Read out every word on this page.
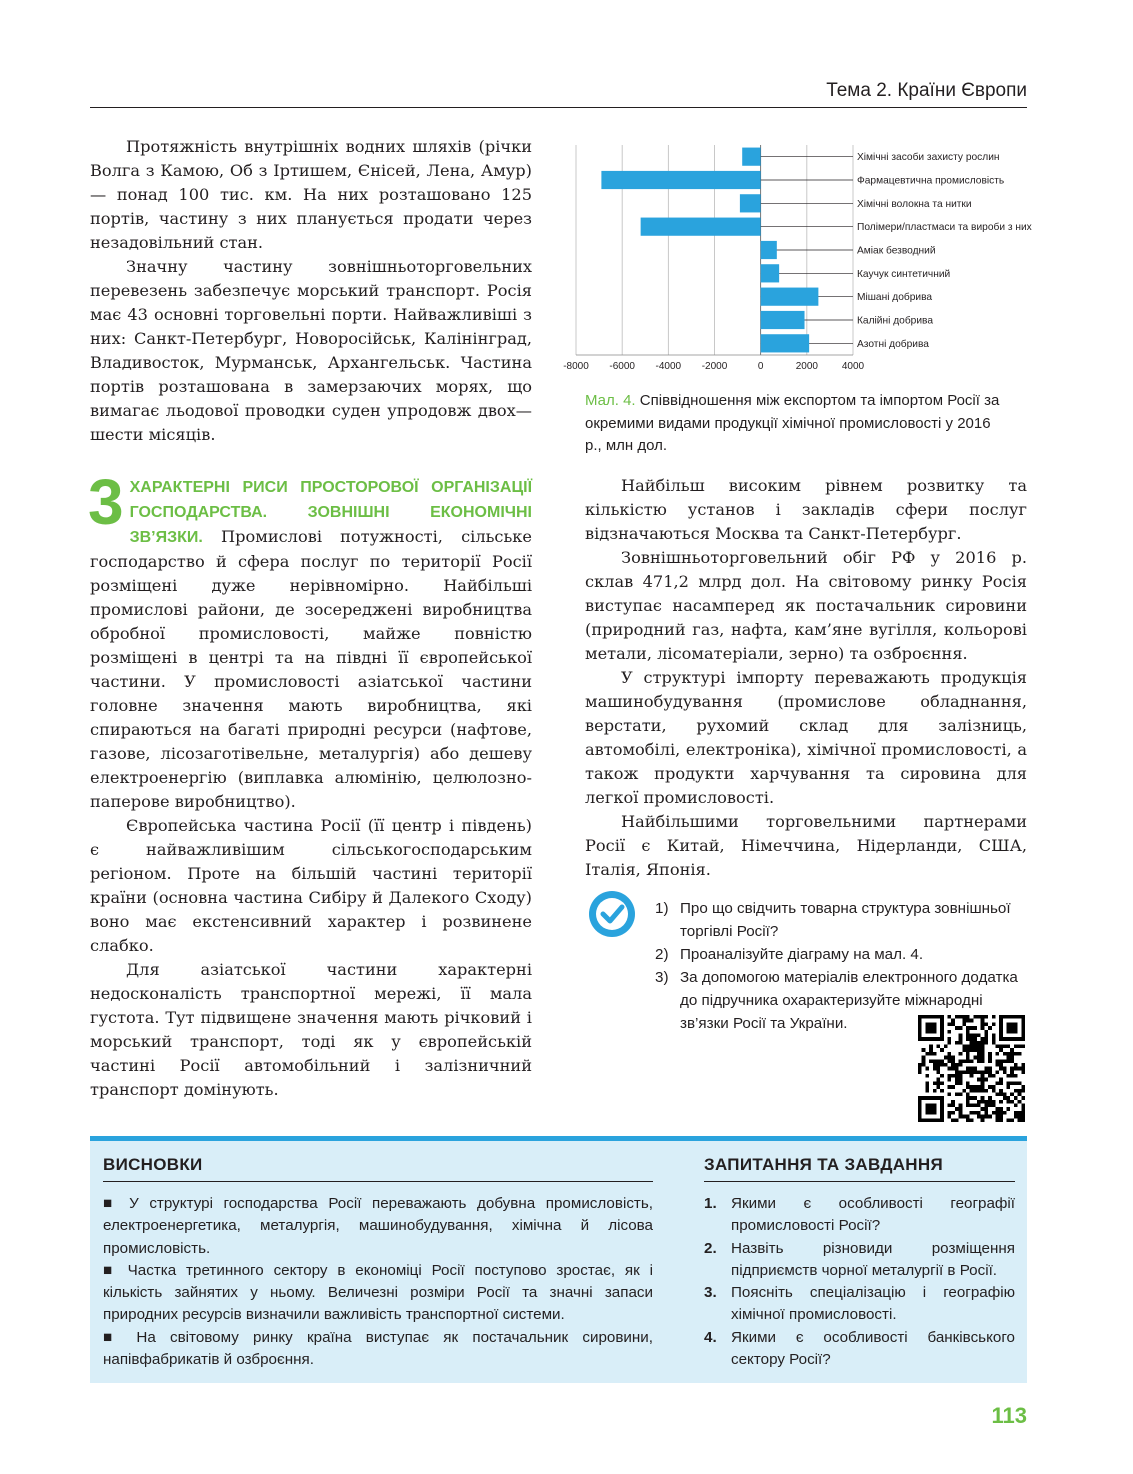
Тема 2. Країни Європи

Протяжність внутрішніх водних шляхів (річки Волга з Камою, Об з Іртишем, Єнісей, Лена, Амур) — понад 100 тис. км. На них розташовано 125 портів, частину з них планується продати через незадовільний стан.

Значну частину зовнішньоторговельних перевезень забезпечує морський транспорт. Росія має 43 основні торговельні порти. Найважливіші з них: Санкт-Петербург, Новоросійськ, Калінінград, Владивосток, Мурманськ, Архангельськ. Частина портів розташована в замерзаючих морях, що вимагає льодової проводки суден упродовж двох—шести місяців.

3 ХАРАКТЕРНІ РИСИ ПРОСТОРОВОЇ ОРГАНІЗАЦІЇ ГОСПОДАРСТВА. ЗОВНІШНІ ЕКОНОМІЧНІ ЗВ’ЯЗКИ. Промислові потужності, сільське господарство й сфера послуг по території Росії розміщені дуже нерівномірно. Найбільші промислові райони, де зосереджені виробництва обробної промисловості, майже повністю розміщені в центрі та на півдні її європейської частини. У промисловості азіатської частини головне значення мають виробництва, які спираються на багаті природні ресурси (нафтове, газове, лісозаготівельне, металургія) або дешеву електроенергію (виплавка алюмінію, целюлозно-паперове виробництво).

Європейська частина Росії (її центр і південь) є найважливішим сільськогосподарським регіоном. Проте на більшій частині території країни (основна частина Сибіру й Далекого Сходу) воно має екстенсивний характер і розвинене слабко.

Для азіатської частини характерні недосконалість транспортної мережі, її мала густота. Тут підвищене значення мають річковий і морський транспорт, тоді як у європейській частині Росії автомобільний і залізничний транспорт домінують.

Хімічні засоби захисту рослин
Фармацевтична промисловість
Хімічні волокна та нитки
Полімери/пластмаси та вироби з них
Аміак безводний
Каучук синтетичний
Мішані добрива
Калійні добрива
Азотні добрива
-8000 -6000 -4000 -2000	0	2000 4000
Мал. 4. Співвідношення між експортом та імпортом Росії за окремими видами продукції хімічної промисловості у 2016 р., млн дол.

Найбільш високим рівнем розвитку та кількістю установ і закладів сфери послуг відзначаються Москва та Санкт-Петербург.

Зовнішньоторговельний обіг РФ у 2016 р. склав 471,2 млрд дол. На світовому ринку Росія виступає насамперед як постачальник сировини (природний газ, нафта, кам’яне вугілля, кольорові метали, лісоматеріали, зерно) та озброєння.

У структурі імпорту переважають продукція машинобудування (промислове обладнання, верстати, рухомий склад для залізниць, автомобілі, електроніка), хімічної промисловості, а також продукти харчування та сировина для легкої промисловості.

Найбільшими торговельними партнерами Росії є Китай, Німеччина, Нідерланди, США, Італія, Японія.

1) Про що свідчить товарна структура зовнішньої торгівлі Росії?
2) Проаналізуйте діаграму на мал. 4.
3) За допомогою матеріалів електронного додатка до підручника охарактеризуйте міжнародні зв’язки Росії та України.
ВИСНОВКИ

■ У структурі господарства Росії переважають добувна промисловість, електроенергетика, металургія, машинобудування, хімічна й лісова промисловість.

■ Частка третинного сектору в економіці Росії поступово зростає, як і кількість зайнятих у ньому. Величезні розміри Росії та значні запаси природних ресурсів визначили важливість транспортної системи.

■ На світовому ринку країна виступає як постачальник сировини, напівфабрикатів й озброєння.

ЗАПИТАННЯ ТА ЗАВДАННЯ
1. Якими є особливості географії промисловості Росії?
2. Назвіть різновиди розміщення підприємств чорної металургії в Росії.
3. Поясніть спеціалізацію і географію хімічної промисловості.
4. Якими є особливості банківського сектору Росії?
113
